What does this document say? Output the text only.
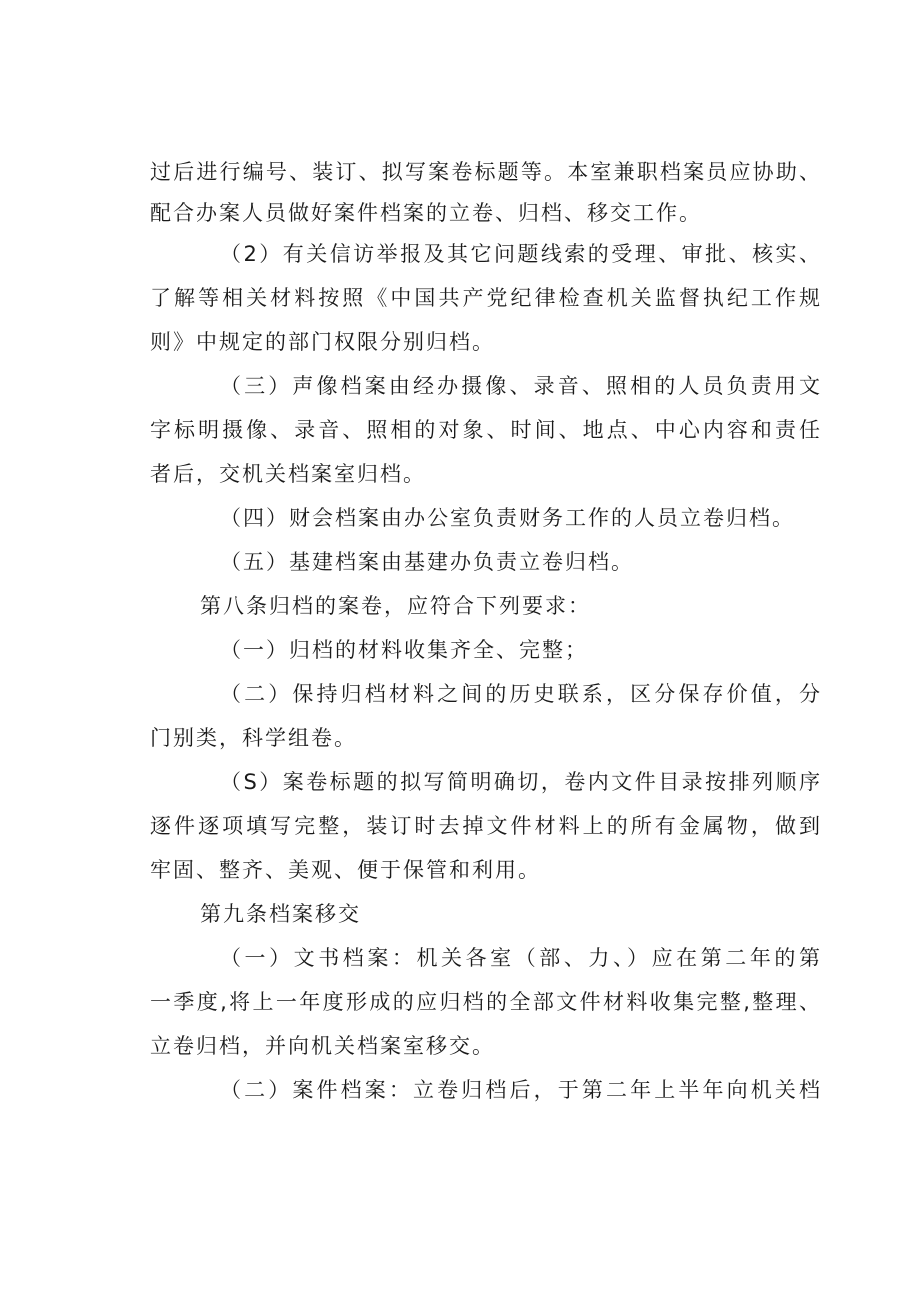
过后进行编号、装订、拟写案卷标题等。本室兼职档案员应协助、
配合办案人员做好案件档案的立卷、归档、移交工作。
（2）有关信访举报及其它问题线索的受理、审批、核实、
了解等相关材料按照《中国共产党纪律检查机关监督执纪工作规
则》中规定的部门权限分别归档。
（三）声像档案由经办摄像、录音、照相的人员负责用文
字标明摄像、录音、照相的对象、时间、地点、中心内容和责任
者后，交机关档案室归档。
（四）财会档案由办公室负责财务工作的人员立卷归档。
（五）基建档案由基建办负责立卷归档。
第八条归档的案卷，应符合下列要求：
（一）归档的材料收集齐全、完整；
（二）保持归档材料之间的历史联系，区分保存价值，分
门别类，科学组卷。
（S）案卷标题的拟写简明确切，卷内文件目录按排列顺序
逐件逐项填写完整，装订时去掉文件材料上的所有金属物，做到
牢固、整齐、美观、便于保管和利用。
第九条档案移交
（一）文书档案：机关各室（部、力、）应在第二年的第
一季度,将上一年度形成的应归档的全部文件材料收集完整,整理、
立卷归档，并向机关档案室移交。
（二）案件档案：立卷归档后，于第二年上半年向机关档
